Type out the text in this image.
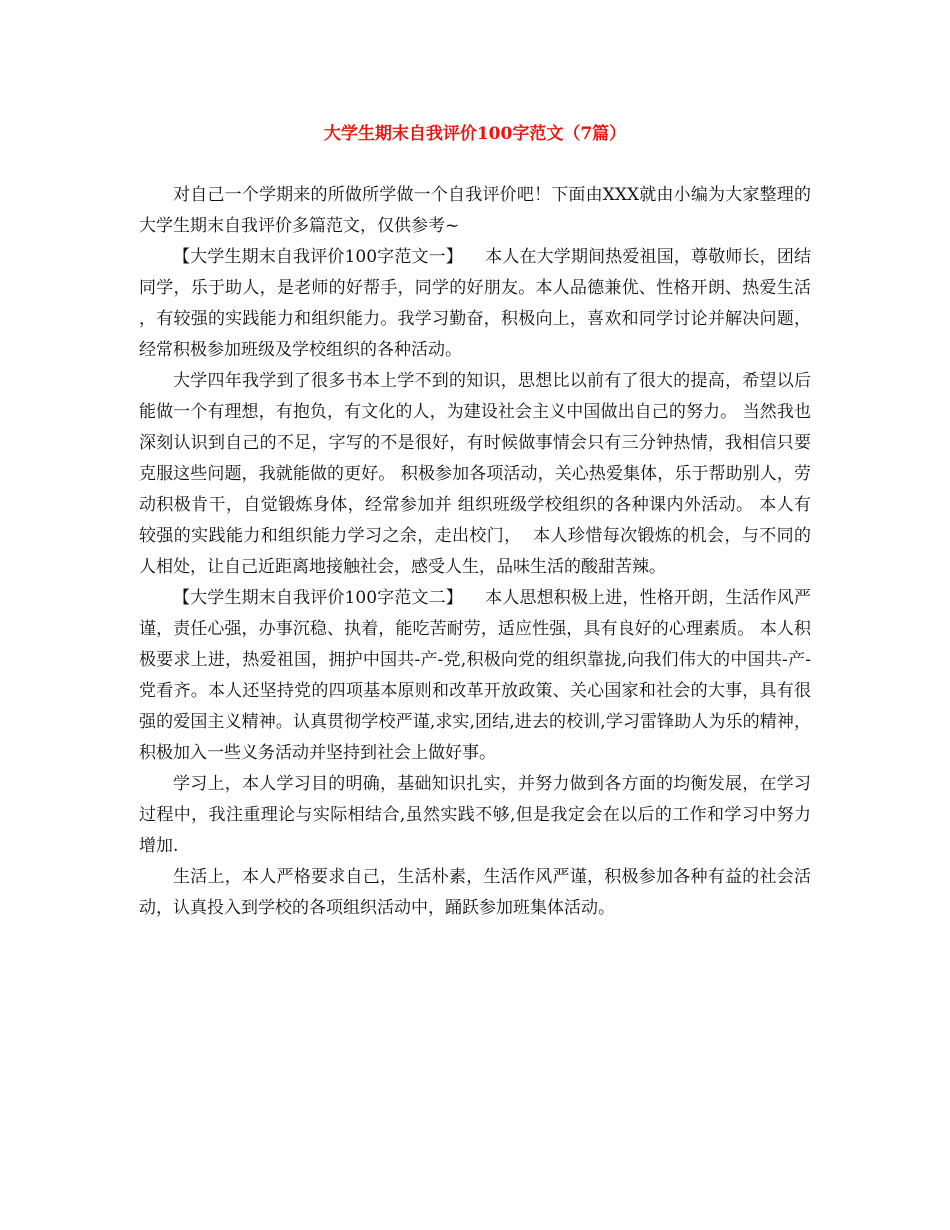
大学生期末自我评价100字范文（7篇）

对自己一个学期来的所做所学做一个自我评价吧！下面由XXX就由小编为大家整理的大学生期末自我评价多篇范文，仅供参考~

【大学生期末自我评价100字范文一】    本人在大学期间热爱祖国，尊敬师长，团结同学，乐于助人，是老师的好帮手，同学的好朋友。本人品德兼优、性格开朗、热爱生活 ，有较强的实践能力和组织能力。我学习勤奋，积极向上，喜欢和同学讨论并解决问题，经常积极参加班级及学校组织的各种活动。

大学四年我学到了很多书本上学不到的知识，思想比以前有了很大的提高，希望以后能做一个有理想，有抱负，有文化的人，为建设社会主义中国做出自己的努力。 当然我也深刻认识到自己的不足，字写的不是很好，有时候做事情会只有三分钟热情，我相信只要 克服这些问题，我就能做的更好。 积极参加各项活动，关心热爱集体，乐于帮助别人，劳动积极肯干，自觉锻炼身体，经常参加并 组织班级学校组织的各种课内外活动。 本人有较强的实践能力和组织能力学习之余，走出校门，  本人珍惜每次锻炼的机会，与不同的人相处，让自己近距离地接触社会，感受人生，品味生活的酸甜苦辣。

【大学生期末自我评价100字范文二】    本人思想积极上进，性格开朗，生活作风严谨，责任心强，办事沉稳、执着，能吃苦耐劳，适应性强，具有良好的心理素质。 本人积极要求上进，热爱祖国，拥护中国共-产-党,积极向党的组织靠拢,向我们伟大的中国共-产-党看齐。本人还坚持党的四项基本原则和改革开放政策、关心国家和社会的大事，具有很强的爱国主义精神。认真贯彻学校严谨,求实,团结,进去的校训,学习雷锋助人为乐的精神，积极加入一些义务活动并坚持到社会上做好事。

学习上，本人学习目的明确，基础知识扎实，并努力做到各方面的均衡发展，在学习过程中，我注重理论与实际相结合,虽然实践不够,但是我定会在以后的工作和学习中努力增加.

生活上，本人严格要求自己，生活朴素，生活作风严谨，积极参加各种有益的社会活动，认真投入到学校的各项组织活动中，踊跃参加班集体活动。
